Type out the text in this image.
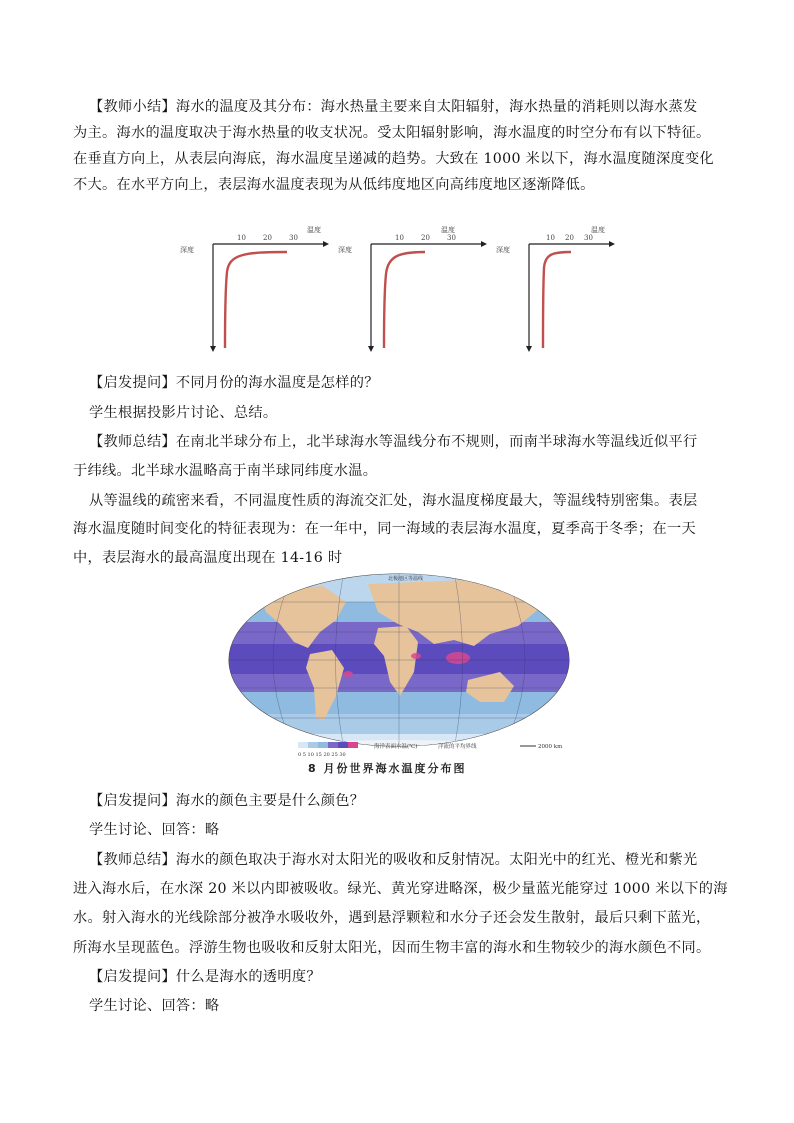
【教师小结】海水的温度及其分布：海水热量主要来自太阳辐射，海水热量的消耗则以海水蒸发
为主。海水的温度取决于海水热量的收支状况。受太阳辐射影响，海水温度的时空分布有以下特征。
在垂直方向上，从表层向海底，海水温度呈递减的趋势。大致在 1000 米以下，海水温度随深度变化
不大。在水平方向上，表层海水温度表现为从低纬度地区向高纬度地区逐渐降低。
10 20 30
温度
深度
10 20 30
温度
深度
10 20 30
温度
深度
【启发提问】不同月份的海水温度是怎样的？
学生根据投影片讨论、总结。
【教师总结】在南北半球分布上，北半球海水等温线分布不规则，而南半球海水等温线近似平行
于纬线。北半球水温略高于南半球同纬度水温。
从等温线的疏密来看，不同温度性质的海流交汇处，海水温度梯度最大，等温线特别密集。表层
海水温度随时间变化的特征表现为：在一年中，同一海域的表层海水温度，夏季高于冬季；在一天
中，表层海水的最高温度出现在 14-16 时
0 5 10 15 20 25 30
海洋表面水温(℃)	洋流的平均界线	2000 km
北极地区等温线
8 月份世界海水温度分布图
【启发提问】海水的颜色主要是什么颜色？
学生讨论、回答：略
【教师总结】海水的颜色取决于海水对太阳光的吸收和反射情况。太阳光中的红光、橙光和紫光
进入海水后，在水深 20 米以内即被吸收。绿光、黄光穿进略深，极少量蓝光能穿过 1000 米以下的海
水。射入海水的光线除部分被净水吸收外，遇到悬浮颗粒和水分子还会发生散射，最后只剩下蓝光，
所海水呈现蓝色。浮游生物也吸收和反射太阳光，因而生物丰富的海水和生物较少的海水颜色不同。
【启发提问】什么是海水的透明度？
学生讨论、回答：略
